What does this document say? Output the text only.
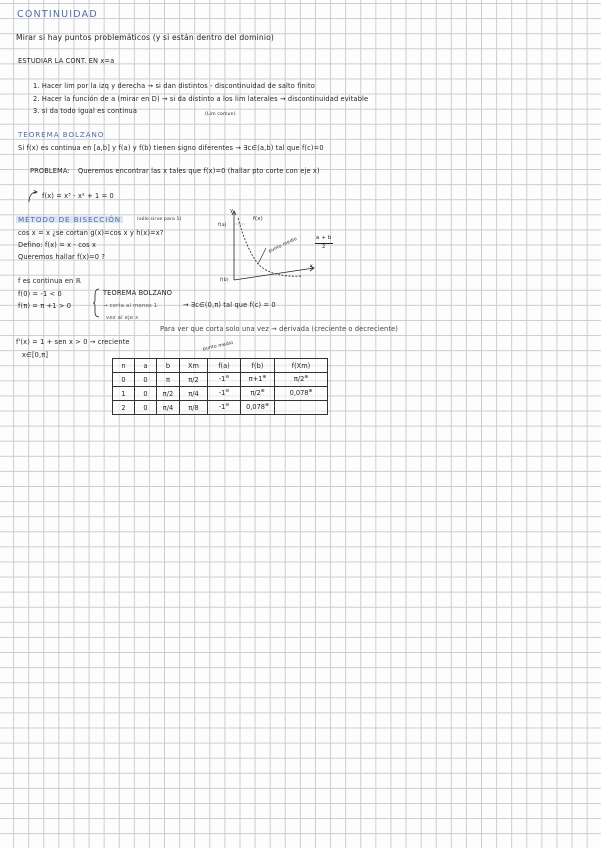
CONTINUIDAD
Mirar si hay puntos problemáticos (y si están dentro del dominio)
ESTUDIAR LA CONT. EN x=a
1. Hacer lim por la izq y derecha → si dan distintos - discontinuidad de salto finito
2. Hacer la función de a (mirar en D) → si da distinto a los lim laterales → discontinuidad evitable
3. si da todo igual es continua	(Lim comun)
TEOREMA BOLZANO
Si f(x) es continua en [a,b] y f(a) y f(b) tienen signo diferentes → ∃c∈(a,b) tal que f(c)=0
PROBLEMA: Queremos encontrar las x tales que f(x)=0 (hallar pto corte con eje x)
f(x) = x³ - x² + 1 = 0
MÉTODO DE BISECCIÓN	(sólo sirve para 1)
cos x = x ¿se cortan g(x)=cos x y h(x)=x?
Defino: f(x) = x - cos x
Queremos hallar f(x)=0 ?
f es continua en ℝ
f(0) = -1 < 0
f(π) = π +1 > 0
TEOREMA BOLZANO
→ corta al menos 1
vez al eje x
→ ∃c∈(0,π) tal que f(c) = 0
Para ver que corta solo una vez → derivada (creciente o decreciente)
f'(x) = 1 + sen x > 0 → creciente
x∈[0,π]
y
f(x)
f(a)
f(b)
punto medio	a + b
2
x
punto medio
n	a	b	Xm	f(a)	f(b)	f(Xm)
0	0	π	π/2	-1⊖	π+1⊕	π/2⊕
1	0	π/2	π/4	-1⊖	π/2⊕	0,078⊕
2	0	π/4	π/8	-1⊖	0,078⊕	
